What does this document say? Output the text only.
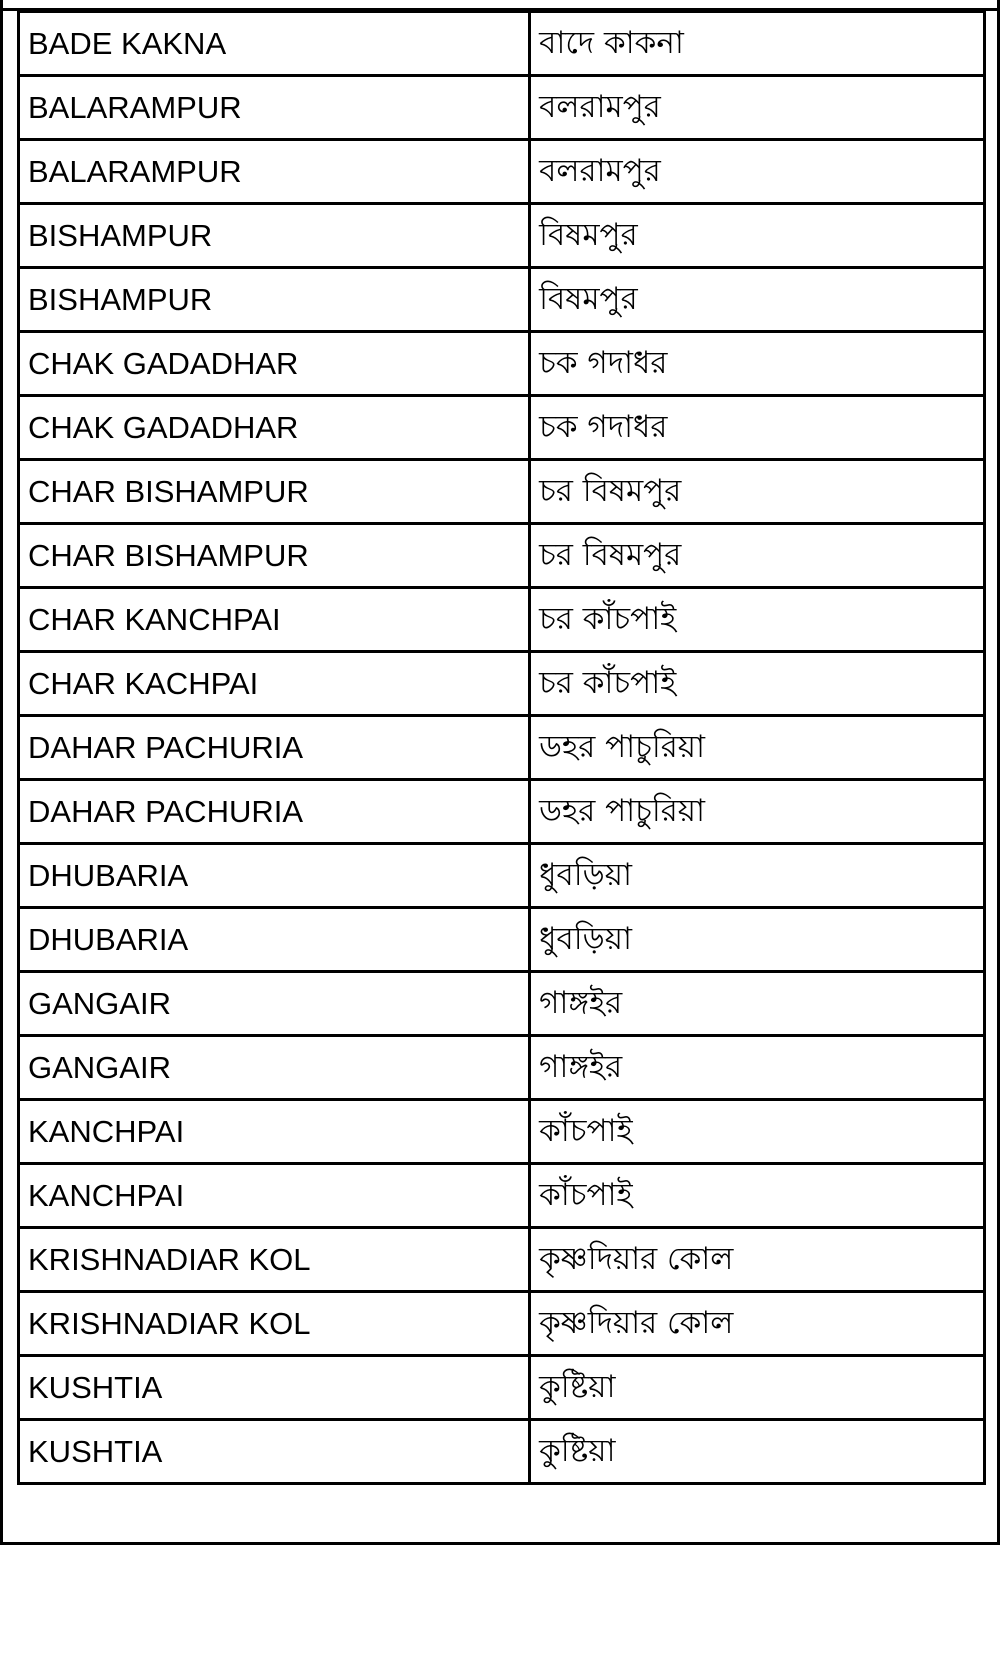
BADE KAKNA	বাদে কাকনা
BALARAMPUR	বলরামপুর
BALARAMPUR	বলরামপুর
BISHAMPUR	বিষমপুর
BISHAMPUR	বিষমপুর
CHAK GADADHAR	চক গদাধর
CHAK GADADHAR	চক গদাধর
CHAR BISHAMPUR	চর বিষমপুর
CHAR BISHAMPUR	চর বিষমপুর
CHAR KANCHPAI	চর কাঁচপাই
CHAR KACHPAI	চর কাঁচপাই
DAHAR PACHURIA	ডহর পাচুরিয়া
DAHAR PACHURIA	ডহর পাচুরিয়া
DHUBARIA	ধুবড়িয়া
DHUBARIA	ধুবড়িয়া
GANGAIR	গাঙ্গইর
GANGAIR	গাঙ্গইর
KANCHPAI	কাঁচপাই
KANCHPAI	কাঁচপাই
KRISHNADIAR KOL	কৃষ্ণদিয়ার কোল
KRISHNADIAR KOL	কৃষ্ণদিয়ার কোল
KUSHTIA	কুষ্টিয়া
KUSHTIA	কুষ্টিয়া
